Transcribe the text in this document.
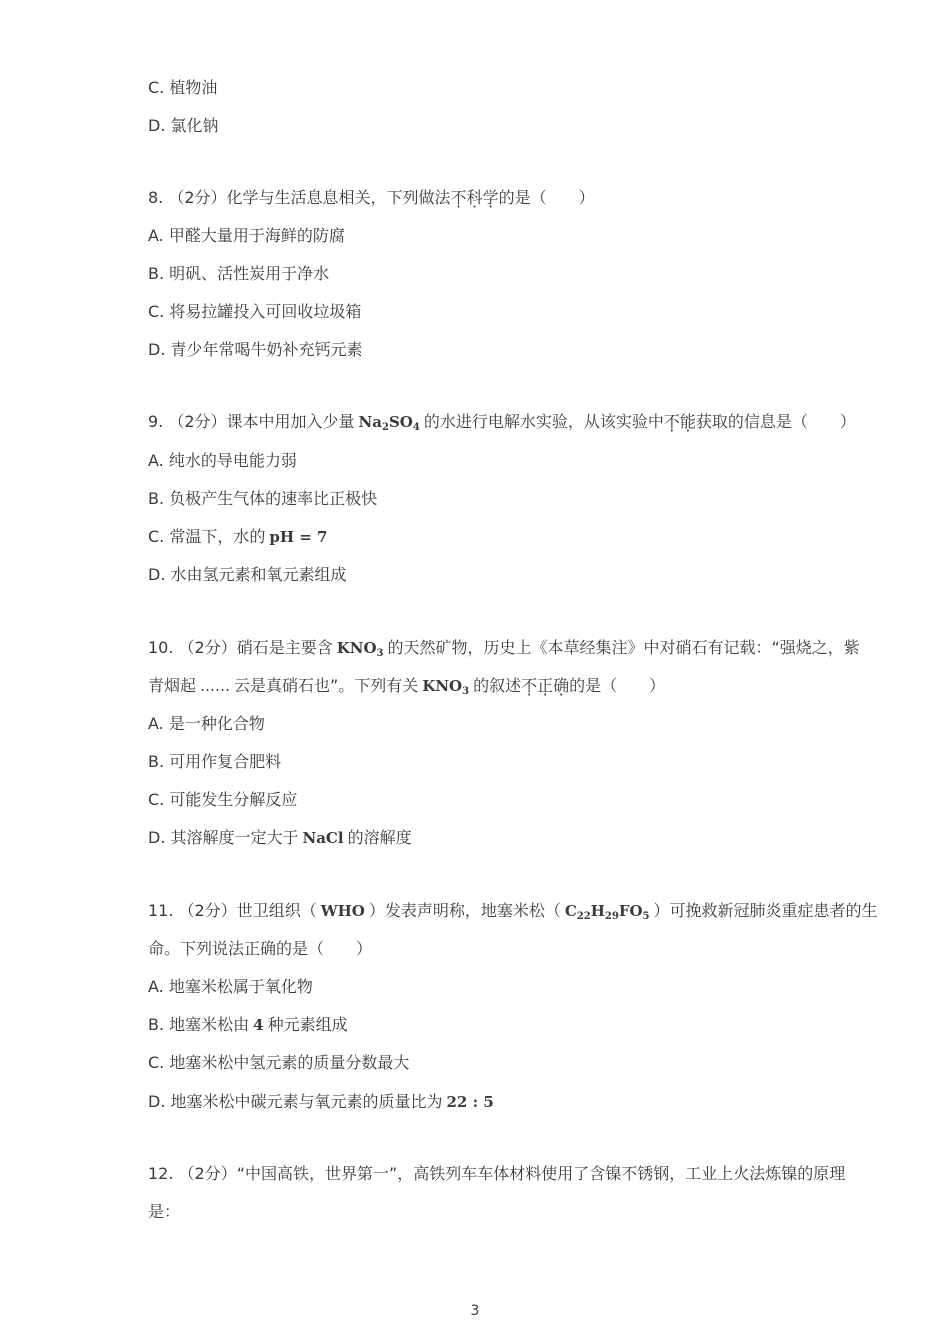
C. 植物油
D. 氯化钠
8. （2分）化学与生活息息相关，下列做法不科学的是（　　）
A. 甲醛大量用于海鲜的防腐
B. 明矾、活性炭用于净水
C. 将易拉罐投入可回收垃圾箱
D. 青少年常喝牛奶补充钙元素
9. （2分）课本中用加入少量 $Na_2SO_4$ 的水进行电解水实验，从该实验中不能获取的信息是（　　）
A. 纯水的导电能力弱
B. 负极产生气体的速率比正极快
C. 常温下，水的 pH = 7
D. 水由氢元素和氧元素组成
10. （2分）硝石是主要含 $KNO_3$ 的天然矿物，历史上《本草经集注》中对硝石有记载：“强烧之，紫
青烟起 …… 云是真硝石也”。下列有关 $KNO_3$ 的叙述不正确的是（　　）
A. 是一种化合物
B. 可用作复合肥料
C. 可能发生分解反应
D. 其溶解度一定大于 NaCl 的溶解度
11. （2分）世卫组织（ WHO ）发表声明称，地塞米松（ $C_{22}H_{29}FO_5$ ）可挽救新冠肺炎重症患者的生
命。下列说法正确的是（　　）
A. 地塞米松属于氧化物
B. 地塞米松由 4 种元素组成
C. 地塞米松中氢元素的质量分数最大
D. 地塞米松中碳元素与氧元素的质量比为 22 : 5
12. （2分）“中国高铁，世界第一”，高铁列车车体材料使用了含镍不锈钢，工业上火法炼镍的原理
是：
3
